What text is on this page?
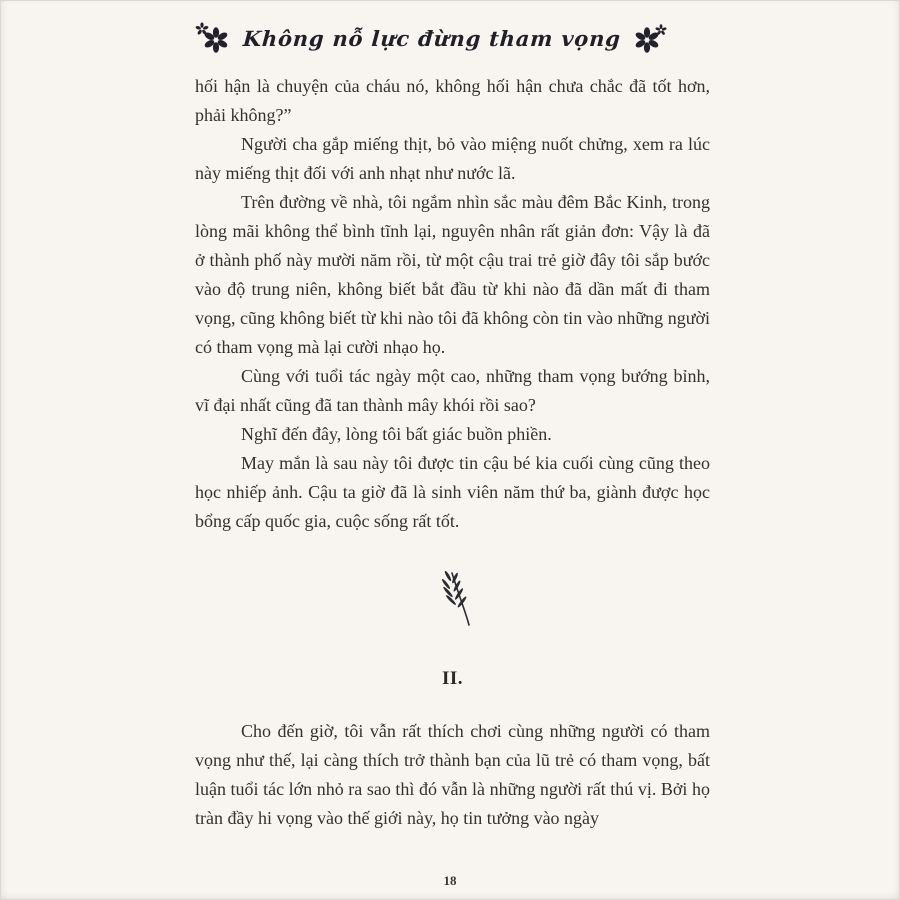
Không nỗ lực đừng tham vọng

hối hận là chuyện của cháu nó, không hối hận chưa chắc đã tốt hơn, phải không?”

Người cha gắp miếng thịt, bỏ vào miệng nuốt chửng, xem ra lúc này miếng thịt đối với anh nhạt như nước lã.

Trên đường về nhà, tôi ngắm nhìn sắc màu đêm Bắc Kinh, trong lòng mãi không thể bình tĩnh lại, nguyên nhân rất giản đơn: Vậy là đã ở thành phố này mười năm rồi, từ một cậu trai trẻ giờ đây tôi sắp bước vào độ trung niên, không biết bắt đầu từ khi nào đã dần mất đi tham vọng, cũng không biết từ khi nào tôi đã không còn tin vào những người có tham vọng mà lại cười nhạo họ.

Cùng với tuổi tác ngày một cao, những tham vọng bướng bỉnh, vĩ đại nhất cũng đã tan thành mây khói rồi sao?

Nghĩ đến đây, lòng tôi bất giác buồn phiền.

May mắn là sau này tôi được tin cậu bé kia cuối cùng cũng theo học nhiếp ảnh. Cậu ta giờ đã là sinh viên năm thứ ba, giành được học bổng cấp quốc gia, cuộc sống rất tốt.

II.

Cho đến giờ, tôi vẫn rất thích chơi cùng những người có tham vọng như thế, lại càng thích trở thành bạn của lũ trẻ có tham vọng, bất luận tuổi tác lớn nhỏ ra sao thì đó vẫn là những người rất thú vị. Bởi họ tràn đầy hi vọng vào thế giới này, họ tin tưởng vào ngày

18
